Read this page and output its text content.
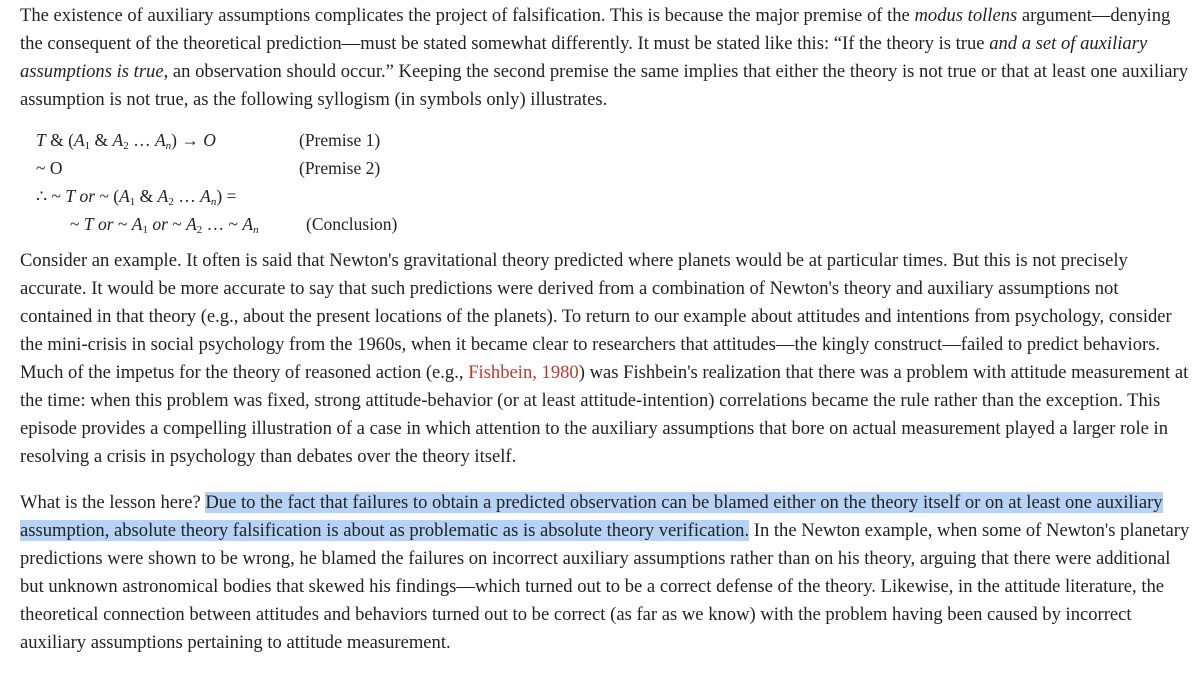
The existence of auxiliary assumptions complicates the project of falsification. This is because the major premise of the modus tollens argument—denying the consequent of the theoretical prediction—must be stated somewhat differently. It must be stated like this: “If the theory is true and a set of auxiliary assumptions is true, an observation should occur.” Keeping the second premise the same implies that either the theory is not true or that at least one auxiliary assumption is not true, as the following syllogism (in symbols only) illustrates.

Consider an example. It often is said that Newton's gravitational theory predicted where planets would be at particular times. But this is not precisely accurate. It would be more accurate to say that such predictions were derived from a combination of Newton's theory and auxiliary assumptions not contained in that theory (e.g., about the present locations of the planets). To return to our example about attitudes and intentions from psychology, consider the mini-crisis in social psychology from the 1960s, when it became clear to researchers that attitudes—the kingly construct—failed to predict behaviors. Much of the impetus for the theory of reasoned action (e.g., Fishbein, 1980) was Fishbein's realization that there was a problem with attitude measurement at the time: when this problem was fixed, strong attitude-behavior (or at least attitude-intention) correlations became the rule rather than the exception. This episode provides a compelling illustration of a case in which attention to the auxiliary assumptions that bore on actual measurement played a larger role in resolving a crisis in psychology than debates over the theory itself.

What is the lesson here? Due to the fact that failures to obtain a predicted observation can be blamed either on the theory itself or on at least one auxiliary assumption, absolute theory falsification is about as problematic as is absolute theory verification. In the Newton example, when some of Newton's planetary predictions were shown to be wrong, he blamed the failures on incorrect auxiliary assumptions rather than on his theory, arguing that there were additional but unknown astronomical bodies that skewed his findings—which turned out to be a correct defense of the theory. Likewise, in the attitude literature, the theoretical connection between attitudes and behaviors turned out to be correct (as far as we know) with the problem having been caused by incorrect auxiliary assumptions pertaining to attitude measurement.

T & ($A_1$ & $A_2$ … $A_n) \to O$	(Premise 1)
~ O	(Premise 2)
∴ ~ T or ~ ($A_1$ & $A_2$ … $A_n$) =
~ T or ~ $A_1$ or ~ $A_2$ … ~ $A_n$	(Conclusion)
